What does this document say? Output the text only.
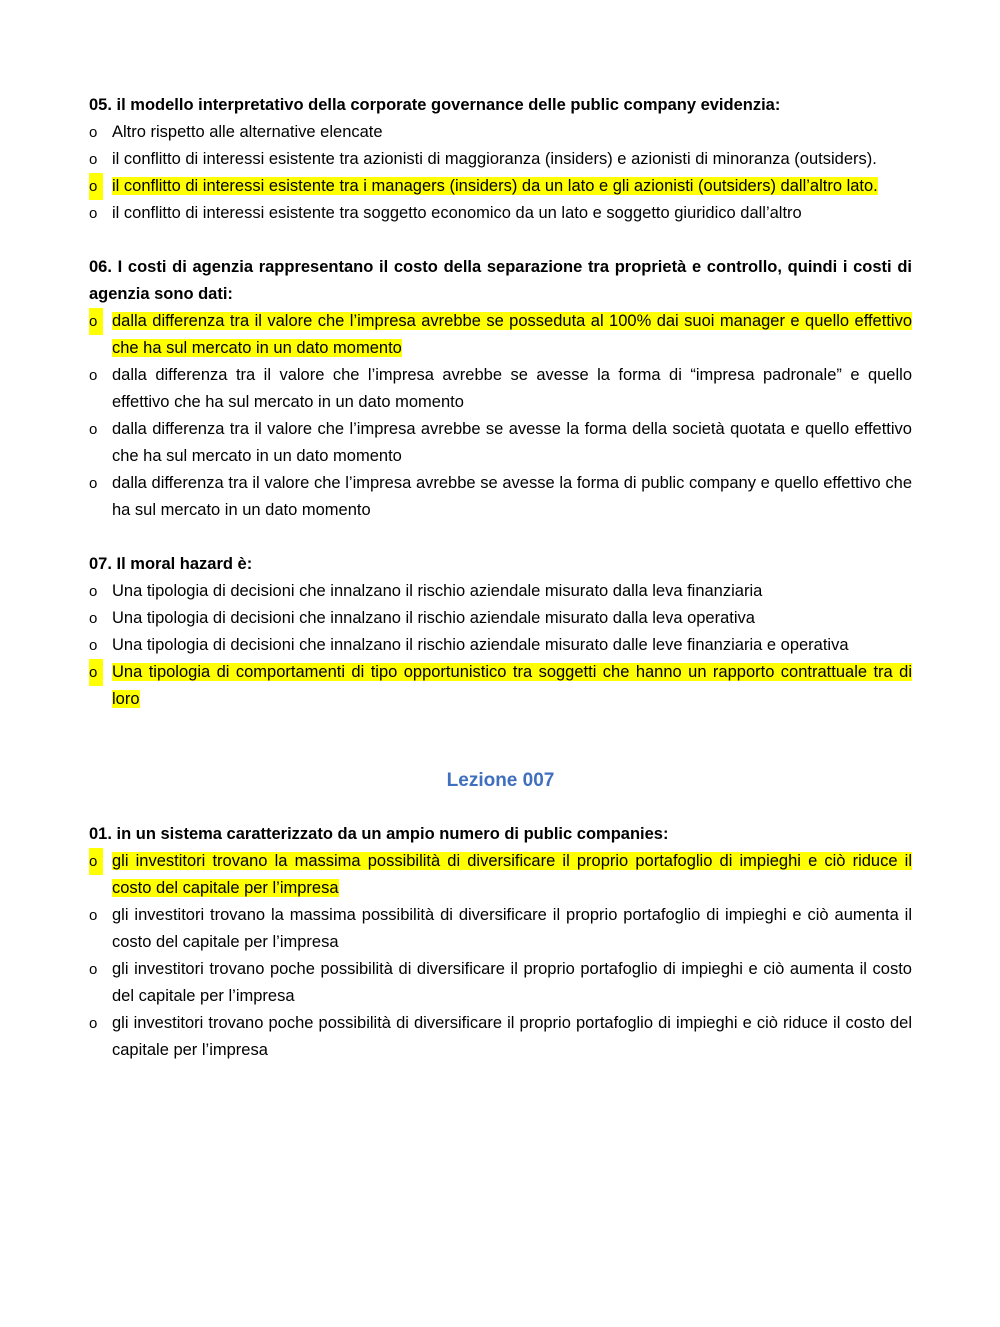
05. il modello interpretativo della corporate governance delle public company evidenzia:
o Altro rispetto alle alternative elencate
o il conflitto di interessi esistente tra azionisti di maggioranza (insiders) e azionisti di minoranza (outsiders).
o il conflitto di interessi esistente tra i managers (insiders) da un lato e gli azionisti (outsiders) dall’altro lato.
o il conflitto di interessi esistente tra soggetto economico da un lato e soggetto giuridico dall’altro
06. I costi di agenzia rappresentano il costo della separazione tra proprietà e controllo, quindi i costi di agenzia sono dati:
o dalla differenza tra il valore che l’impresa avrebbe se posseduta al 100% dai suoi manager e quello effettivo che ha sul mercato in un dato momento
o dalla differenza tra il valore che l’impresa avrebbe se avesse la forma di “impresa padronale” e quello effettivo che ha sul mercato in un dato momento
o dalla differenza tra il valore che l’impresa avrebbe se avesse la forma della società quotata e quello effettivo che ha sul mercato in un dato momento
o dalla differenza tra il valore che l’impresa avrebbe se avesse la forma di public company e quello effettivo che ha sul mercato in un dato momento
07. Il moral hazard è:
o Una tipologia di decisioni che innalzano il rischio aziendale misurato dalla leva finanziaria
o Una tipologia di decisioni che innalzano il rischio aziendale misurato dalla leva operativa
o Una tipologia di decisioni che innalzano il rischio aziendale misurato dalle leve finanziaria e operativa
o Una tipologia di comportamenti di tipo opportunistico tra soggetti che hanno un rapporto contrattuale tra di loro
Lezione 007
01. in un sistema caratterizzato da un ampio numero di public companies:
o gli investitori trovano la massima possibilità di diversificare il proprio portafoglio di impieghi e ciò riduce il costo del capitale per l’impresa
o gli investitori trovano la massima possibilità di diversificare il proprio portafoglio di impieghi e ciò aumenta il costo del capitale per l’impresa
o gli investitori trovano poche possibilità di diversificare il proprio portafoglio di impieghi e ciò aumenta il costo del capitale per l’impresa
o gli investitori trovano poche possibilità di diversificare il proprio portafoglio di impieghi e ciò riduce il costo del capitale per l’impresa
